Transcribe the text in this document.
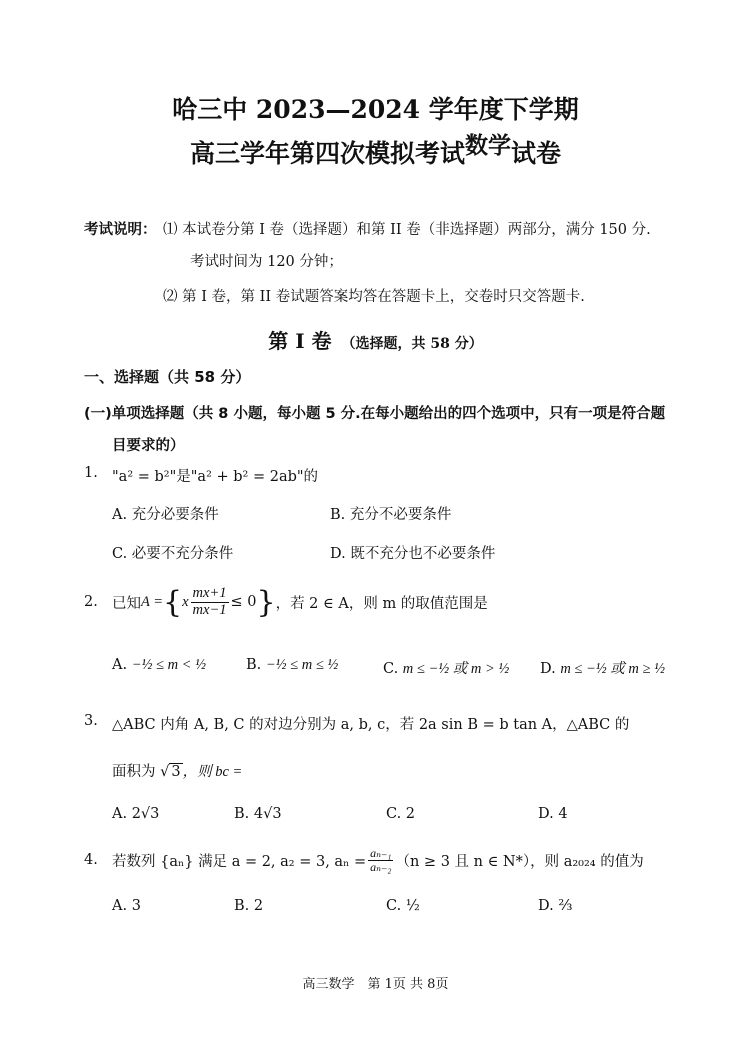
哈三中 2023—2024 学年度下学期
高三学年第四次模拟考试数学试卷
考试说明： ⑴ 本试卷分第 I 卷（选择题）和第 II 卷（非选择题）两部分，满分 150 分.
考试时间为 120 分钟；
⑵ 第 I 卷，第 II 卷试题答案均答在答题卡上，交卷时只交答题卡.
第 I 卷 （选择题，共 58 分）
一、选择题（共 58 分）
(一)单项选择题（共 8 小题，每小题 5 分.在每小题给出的四个选项中，只有一项是符合题
目要求的）
1. "a² = b²"是"a² + b² = 2ab"的
A. 充分必要条件	B. 充分不必要条件
C. 必要不充分条件	D. 既不充分也不必要条件
2. 已知 A = { x $\frac{mx+1}{mx-1} \le 0$ } ，若 2 ∈ A，则 m 的取值范围是
A. −½ ≤ m < ½	B. −½ ≤ m ≤ ½	C. m ≤ −½ 或 m > ½ D. m ≤ −½ 或 m ≥ ½
3. △ABC 内角 A, B, C 的对边分别为 a, b, c，若 2a sin B = b tan A，△ABC 的
面积为 √ 3 ，则 bc =
A. 2√3	B. 4√3	C. 2	D. 4
4. 若数列 {aₙ} 满足 a = 2, a₂ = 3, $a_n = \frac{\text{aₙ₋₁}}{\text{aₙ₋₂}} (n \ge 3$ 且 n ∈ N*），则 a₂₀₂₄ 的值为
A. 3	B. 2	C. ½	D. ⅔
高三数学　第 1页 共 8页
